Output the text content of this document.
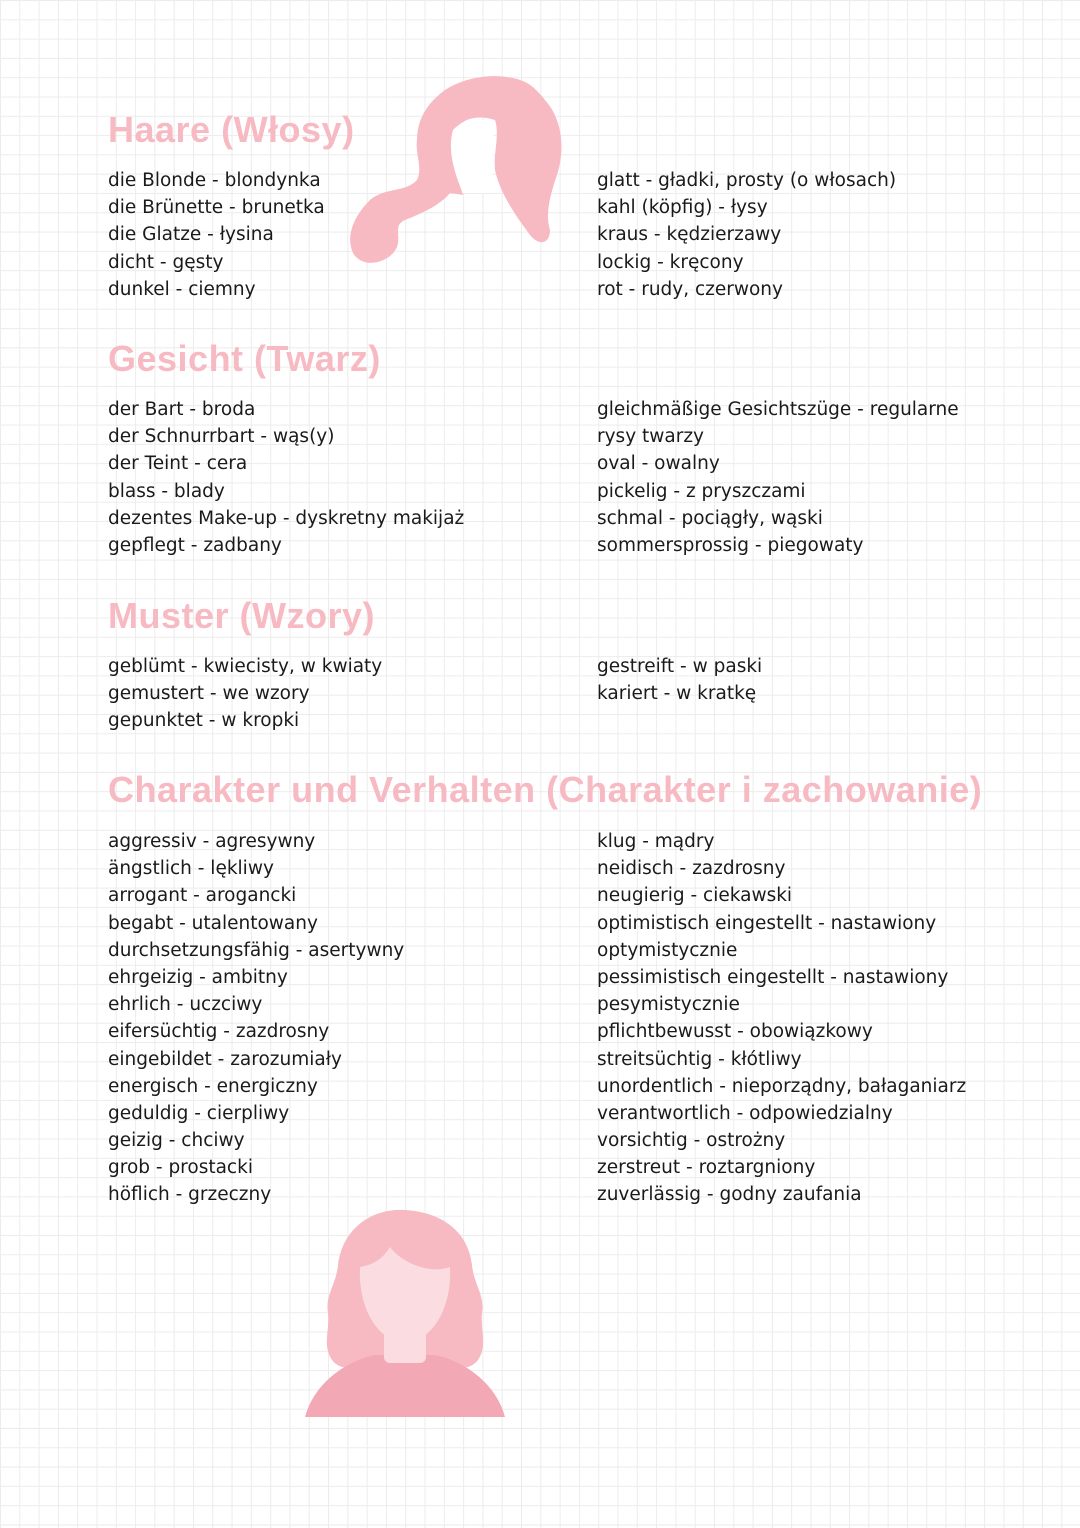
Haare (Włosy)
die Blonde - blondynka
die Brünette - brunetka
die Glatze - łysina
dicht - gęsty
dunkel - ciemny
glatt - gładki, prosty (o włosach)
kahl (köpfig) - łysy
kraus - kędzierzawy
lockig - kręcony
rot - rudy, czerwony
Gesicht (Twarz)
der Bart - broda
der Schnurrbart - wąs(y)
der Teint - cera
blass - blady
dezentes Make-up - dyskretny makijaż
gepflegt - zadbany
gleichmäßige Gesichtszüge - regularne
rysy twarzy
oval - owalny
pickelig - z pryszczami
schmal - pociągły, wąski
sommersprossig - piegowaty
Muster (Wzory)
geblümt - kwiecisty, w kwiaty
gemustert - we wzory
gepunktet - w kropki
gestreift - w paski
kariert - w kratkę
Charakter und Verhalten (Charakter i zachowanie)
aggressiv - agresywny
ängstlich - lękliwy
arrogant - arogancki
begabt - utalentowany
durchsetzungsfähig - asertywny
ehrgeizig - ambitny
ehrlich - uczciwy
eifersüchtig - zazdrosny
eingebildet - zarozumiały
energisch - energiczny
geduldig - cierpliwy
geizig - chciwy
grob - prostacki
höflich - grzeczny
klug - mądry
neidisch - zazdrosny
neugierig - ciekawski
optimistisch eingestellt - nastawiony
optymistycznie
pessimistisch eingestellt - nastawiony
pesymistycznie
pflichtbewusst - obowiązkowy
streitsüchtig - kłótliwy
unordentlich - nieporządny, bałaganiarz
verantwortlich - odpowiedzialny
vorsichtig - ostrożny
zerstreut - roztargniony
zuverlässig - godny zaufania
